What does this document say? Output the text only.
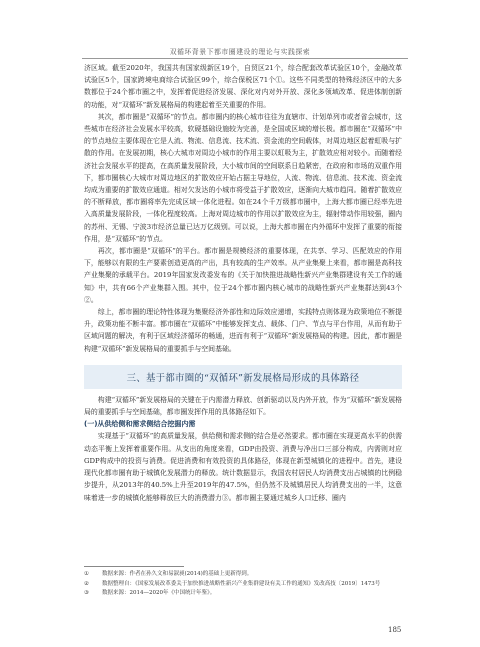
双循环背景下都市圈建设的理论与实践探索

济区域。截至2020年，我国共有国家级新区19个，自贸区21个，综合配套改革试验区10个，金融改革试验区5个，国家跨境电商综合试验区99个，综合保税区71个①。这些不同类型的特殊经济区中的大多数都位于24个都市圈之中，发挥着促进经济发展、深化对内对外开放、深化多领域改革、促进体制创新的功能，对“双循环”新发展格局的构建起着至关重要的作用。

其次，都市圈是“双循环”的节点。都市圈内的核心城市往往为直辖市、计划单列市或者省会城市，这些城市在经济社会发展水平较高，软硬基础设施较为完善，是全国或区域的增长极。都市圈在“双循环”中的节点地位主要体现在它是人流、物流、信息流、技术流、资金流的空间载体，对周边地区起着虹吸与扩散的作用。在发展初期，核心大城市对周边小城市的作用主要以虹吸为主，扩散效应相对较小。而随着经济社会发展水平的提高，在高质量发展阶段，大小城市间的空间联系日趋紧密，在政府和市场的双重作用下，都市圈核心大城市对周边地区的扩散效应开始占据主导地位，人流、物流、信息流、技术流、资金流均成为重要的扩散效应通道。相对欠发达的小城市将受益于扩散效应，逐渐向大城市趋同。随着扩散效应的不断释放，都市圈将率先完成区域一体化进程。如在24个千万级都市圈中，上海大都市圈已经率先进入高质量发展阶段，一体化程度较高。上海对周边城市的作用以扩散效应为主，辐射带动作用较强，圈内的苏州、无锡、宁波3市经济总量已达万亿级别。可以说，上海大都市圈在内外循环中发挥了重要的衔接作用，是“双循环”的节点。

再次，都市圈是“双循环”的平台。都市圈是规模经济的重要体现，在共享、学习、匹配效应的作用下，能够以有限的生产要素创造更高的产出，具有较高的生产效率。从产业集聚上来看，都市圈是高科技产业集聚的承载平台。2019年国家发改委发布的《关于加快推进战略性新兴产业集群建设有关工作的通知》中，共有66个产业集群入围。其中，位于24个都市圈内核心城市的战略性新兴产业集群达到43个②。

综上，都市圈的理论特性体现为集聚经济外部性和边际效应递增，实践特点则体现为政策地位不断提升，政策功能不断丰富。都市圈在“双循环”中能够发挥支点、载体、门户、节点与平台作用，从而有助于区域问题的解决，有利于区域经济循环的畅通，进而有利于“双循环”新发展格局的构建。因此，都市圈是构建“双循环”新发展格局的重要抓手与空间基础。

三、基于都市圈的“双循环”新发展格局形成的具体路径

构建“双循环”新发展格局的关键在于内需潜力释放、创新驱动以及内外开放，作为“双循环”新发展格局的重要抓手与空间基础，都市圈发挥作用的具体路径如下。

(一)从供给侧和需求侧结合挖掘内需

实现基于“双循环”的高质量发展，供给侧和需求侧的结合是必然要求。都市圈在实现更高水平的供需动态平衡上发挥着重要作用。从支出的角度来看，GDP由投资、消费与净出口三部分构成，内需则对应GDP构成中的投资与消费。促进消费和有效投资的具体路径，体现在新型城镇化的进程中。首先，建设现代化都市圈有助于城镇化发展潜力的释放。统计数据显示，我国农村居民人均消费支出占城镇的比例稳步提升，从2013年的40.5%上升至2019年的47.5%，但仍然不及城镇居民人均消费支出的一半，这意味着进一步的城镇化能够释放巨大的消费潜力③。都市圈主要通过城乡人口迁移、圈内

① 数据来源：作者在孙久文和易淑昶(2014)的基础上更新得到。

② 数据整理自：《国家发展改革委关于加快推进战略性新兴产业集群建设有关工作的通知》发改高技〔2019〕1473号

③ 数据来源：2014—2020年《中国统计年鉴》。

185
